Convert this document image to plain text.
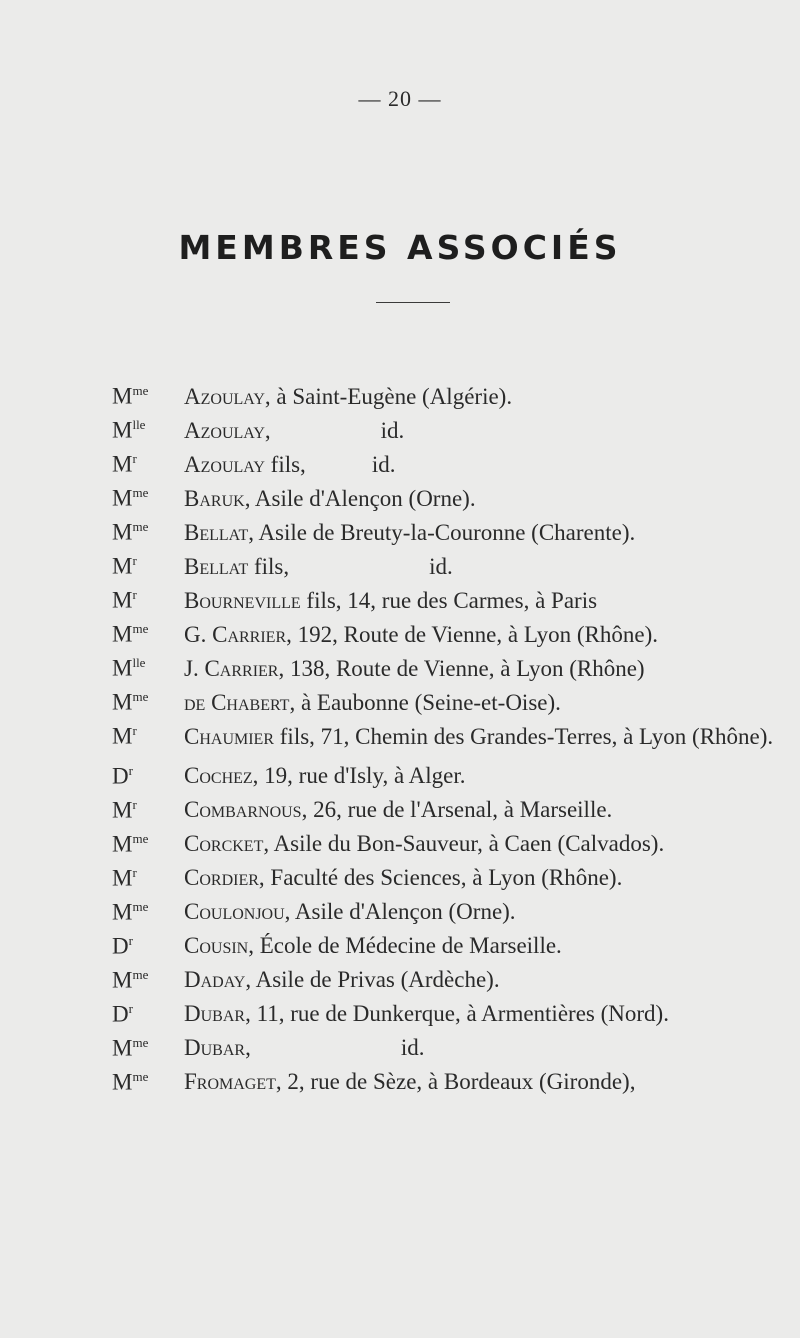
— 20 —
MEMBRES ASSOCIÉS
$M^{me}$	Azoulay, à Saint-Eugène (Algérie).
$M^{lle}$	Azoulay,	id.
$M^r$	Azoulay fils,	id.
$M^{me}$	Baruk, Asile d'Alençon (Orne).
$M^{me}$	Bellat, Asile de Breuty-la-Couronne (Charente).
$M^r$	Bellat fils,	id.
$M^r$	Bourneville fils, 14, rue des Carmes, à Paris
$M^{me}$	G. Carrier, 192, Route de Vienne, à Lyon (Rhône).
$M^{lle}$	J. Carrier, 138, Route de Vienne, à Lyon (Rhône)
$M^{me}$	de Chabert, à Eaubonne (Seine-et-Oise).
$M^r$	Chaumier fils, 71, Chemin des Grandes-Terres, à Lyon (Rhône).
$D^r$	Cochez, 19, rue d'Isly, à Alger.
$M^r$	Combarnous, 26, rue de l'Arsenal, à Marseille.
$M^{me}$	Corcket, Asile du Bon-Sauveur, à Caen (Calvados).
$M^r$	Cordier, Faculté des Sciences, à Lyon (Rhône).
$M^{me}$	Coulonjou, Asile d'Alençon (Orne).
$D^r$	Cousin, École de Médecine de Marseille.
$M^{me}$	Daday, Asile de Privas (Ardèche).
$D^r$	Dubar, 11, rue de Dunkerque, à Armentières (Nord).
$M^{me}$	Dubar,	id.
$M^{me}$	Fromaget, 2, rue de Sèze, à Bordeaux (Gironde),
